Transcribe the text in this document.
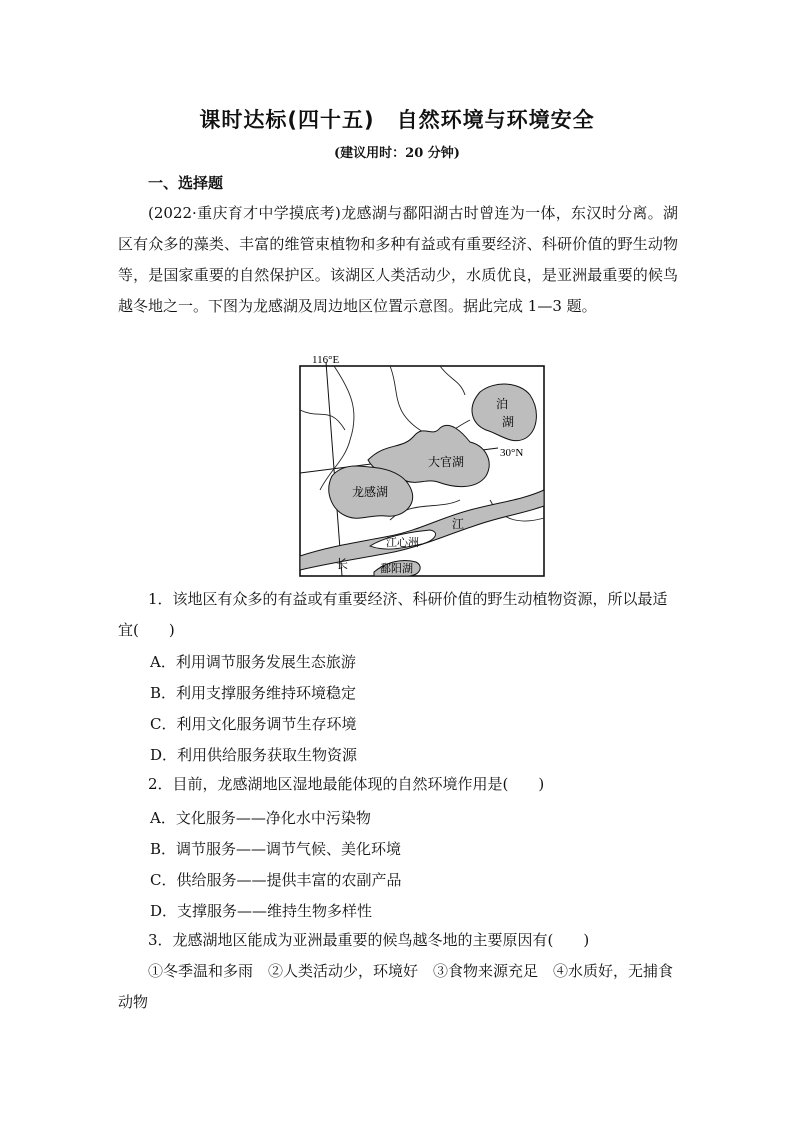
课时达标(四十五)　自然环境与环境安全
(建议用时：20 分钟)
一、选择题

(2022·重庆育才中学摸底考)龙感湖与鄱阳湖古时曾连为一体，东汉时分离。湖区有众多的藻类、丰富的维管束植物和多种有益或有重要经济、科研价值的野生动物等，是国家重要的自然保护区。该湖区人类活动少，水质优良，是亚洲最重要的候鸟越冬地之一。下图为龙感湖及周边地区位置示意图。据此完成 1—3 题。

116°E
30°N
泊
湖
大官湖
龙感湖
江
江心洲
长	鄱阳湖
1．该地区有众多的有益或有重要经济、科研价值的野生动植物资源，所以最适宜(　　)
A．利用调节服务发展生态旅游
B．利用支撑服务维持环境稳定
C．利用文化服务调节生存环境
D．利用供给服务获取生物资源
2．目前，龙感湖地区湿地最能体现的自然环境作用是(　　)
A．文化服务——净化水中污染物
B．调节服务——调节气候、美化环境
C．供给服务——提供丰富的农副产品
D．支撑服务——维持生物多样性
3．龙感湖地区能成为亚洲最重要的候鸟越冬地的主要原因有(　　)
①冬季温和多雨　②人类活动少，环境好　③食物来源充足　④水质好，无捕食动物
